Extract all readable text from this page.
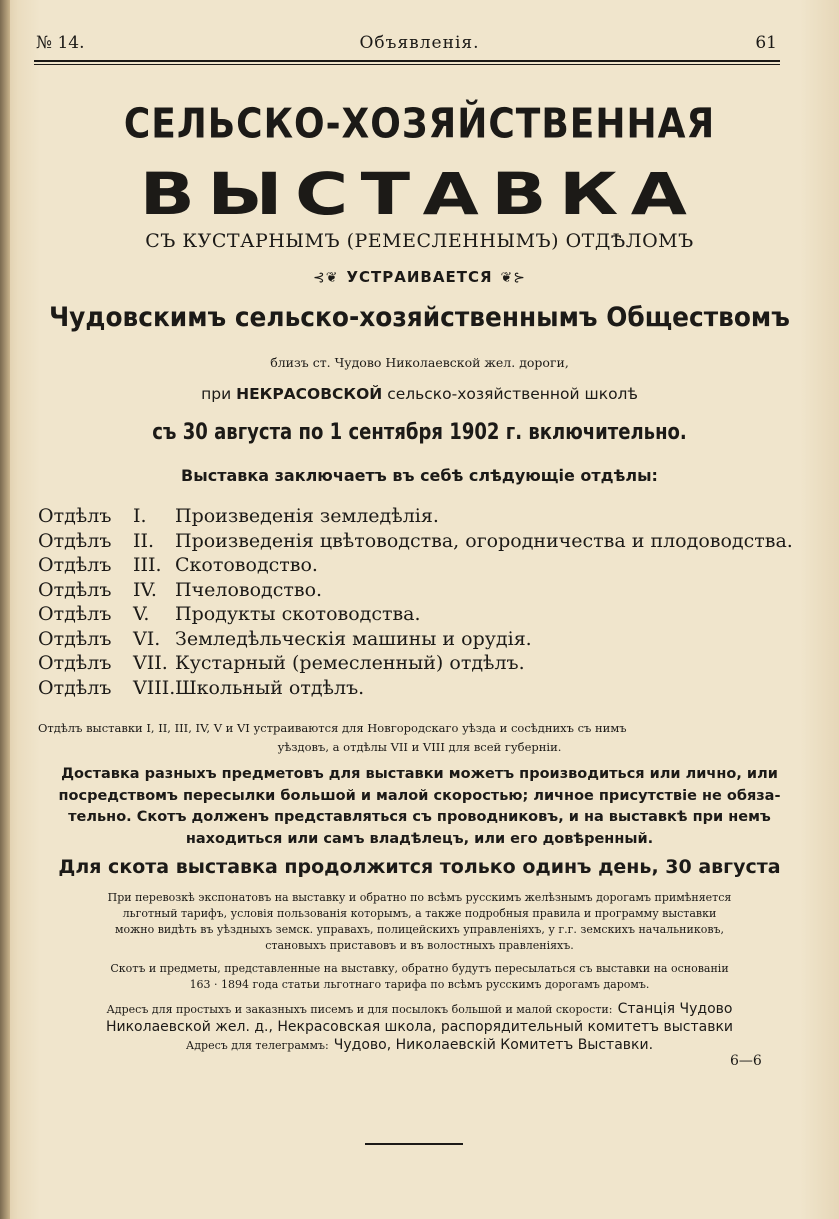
№ 14.	Объявленія.	61
СЕЛЬСКО-ХОЗЯЙСТВЕННАЯ
ВЫСТАВКА
СЪ КУСТАРНЫМЪ (РЕМЕСЛЕННЫМЪ) ОТДѢЛОМЪ
⊰❦ УСТРАИВАЕТСЯ ❦⊱
Чудовскимъ сельско-хозяйственнымъ Обществомъ
близъ ст. Чудово Николаевской жел. дороги,
при НЕКРАСОВСКОЙ сельско-хозяйственной школѣ
съ 30 августа по 1 сентября 1902 г. включительно.
Выставка заключаетъ въ себѣ слѣдующіе отдѣлы:
Отдѣлъ	I.	Произведенія земледѣлія.
Отдѣлъ	II.	Произведенія цвѣтоводства, огородничества и плодоводства.
Отдѣлъ	III. Скотоводство.
Отдѣлъ	IV. Пчеловодство.
Отдѣлъ	V.	Продукты скотоводства.
Отдѣлъ	VI. Земледѣльческія машины и орудія.
Отдѣлъ	VII. Кустарный (ремесленный) отдѣлъ.
Отдѣлъ	VIII. Школьный отдѣлъ.
Отдѣлъ выставки I, II, III, IV, V и VI устраиваются для Новгородскаго уѣзда и сосѣднихъ съ нимъ
уѣздовъ, а отдѣлы VII и VIII для всей губерніи.
Доставка разныхъ предметовъ для выставки можетъ производиться или лично, или
посредствомъ пересылки большой и малой скоростью; личное присутствіе не обяза-
тельно. Скотъ долженъ представляться съ проводниковъ, и на выставкѣ при немъ
находиться или самъ владѣлецъ, или его довѣренный.
Для скота выставка продолжится только одинъ день, 30 августа
При перевозкѣ экспонатовъ на выставку и обратно по всѣмъ русскимъ желѣзнымъ дорогамъ примѣняется
льготный тарифъ, условія пользованія которымъ, а также подробныя правила и программу выставки
можно видѣть въ уѣздныхъ земск. управахъ, полицейскихъ управленіяхъ, у г.г. земскихъ начальниковъ,
становыхъ приставовъ и въ волостныхъ правленіяхъ.
Скотъ и предметы, представленные на выставку, обратно будутъ пересылаться съ выставки на основаніи
163 · 1894 года статьи льготнаго тарифа по всѣмъ русскимъ дорогамъ даромъ.
Адресъ для простыхъ и заказныхъ писемъ и для посылокъ большой и малой скорости: Станція Чудово
Николаевской жел. д., Некрасовская школа, распорядительный комитетъ выставки
Адресъ для телеграммъ: Чудово, Николаевскій Комитетъ Выставки.
6—6
